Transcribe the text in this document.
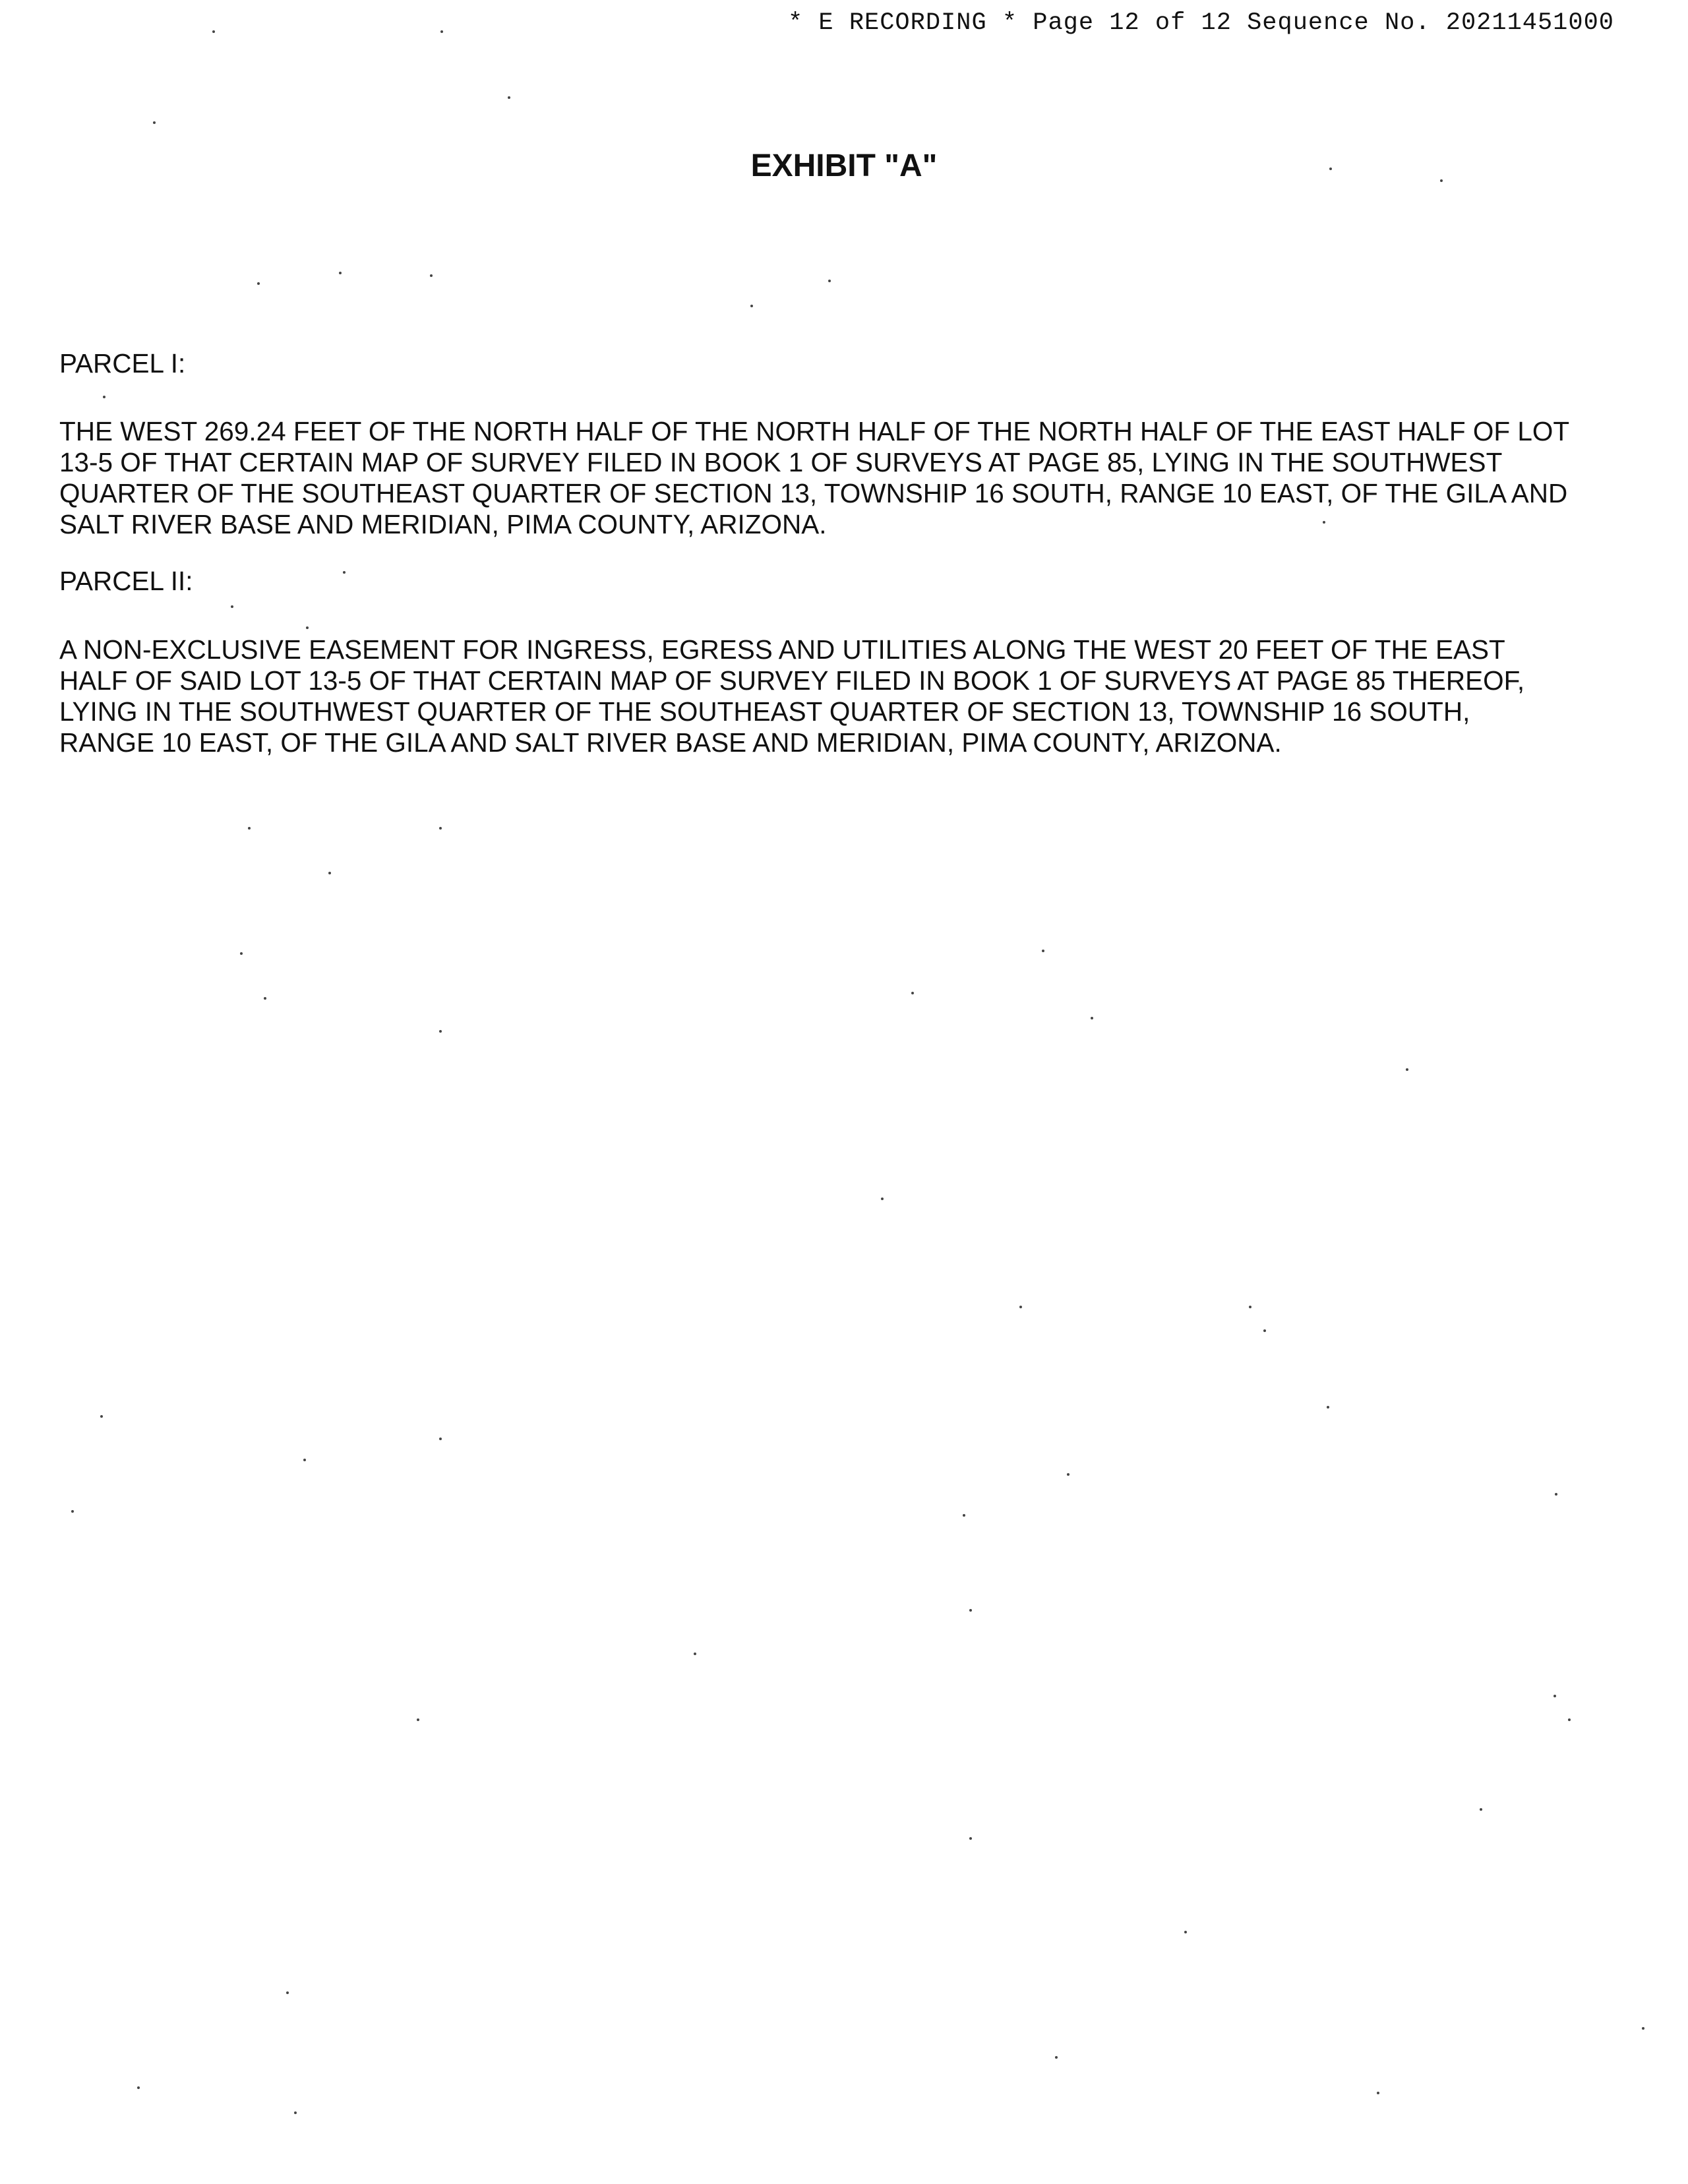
* E RECORDING * Page 12 of 12 Sequence No. 20211451000
EXHIBIT "A"
PARCEL I:
THE WEST 269.24 FEET OF THE NORTH HALF OF THE NORTH HALF OF THE NORTH HALF OF THE EAST HALF OF LOT
13-5 OF THAT CERTAIN MAP OF SURVEY FILED IN BOOK 1 OF SURVEYS AT PAGE 85, LYING IN THE SOUTHWEST
QUARTER OF THE SOUTHEAST QUARTER OF SECTION 13, TOWNSHIP 16 SOUTH, RANGE 10 EAST, OF THE GILA AND
SALT RIVER BASE AND MERIDIAN, PIMA COUNTY, ARIZONA.
PARCEL II:
A NON-EXCLUSIVE EASEMENT FOR INGRESS, EGRESS AND UTILITIES ALONG THE WEST 20 FEET OF THE EAST
HALF OF SAID LOT 13-5 OF THAT CERTAIN MAP OF SURVEY FILED IN BOOK 1 OF SURVEYS AT PAGE 85 THEREOF,
LYING IN THE SOUTHWEST QUARTER OF THE SOUTHEAST QUARTER OF SECTION 13, TOWNSHIP 16 SOUTH,
RANGE 10 EAST, OF THE GILA AND SALT RIVER BASE AND MERIDIAN, PIMA COUNTY, ARIZONA.
